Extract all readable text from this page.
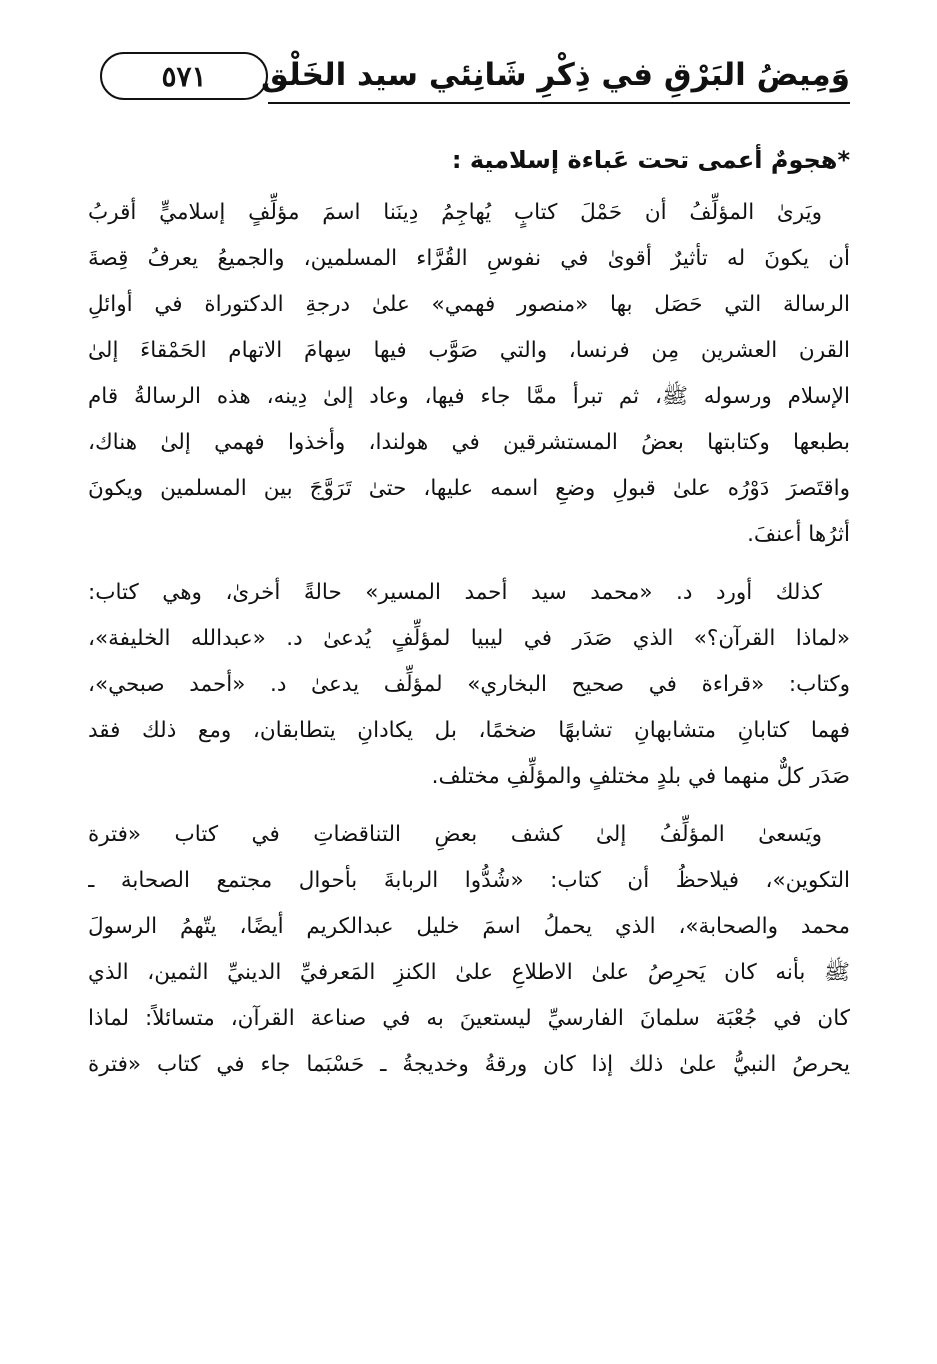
٥٧١	وَمِيضُ البَرْقِ في ذِكْرِ شَانِئي سيد الخَلْق
*هجومٌ أعمى تحت عَباءة إسلامية :
ويَرىٰ المؤلِّفُ أن حَمْلَ كتابٍ يُهاجِمُ دِينَنا اسمَ مؤلِّفٍ إسلاميٍّ أقربُ
أن يكونَ له تأثيرٌ أقوىٰ في نفوسِ القُرَّاء المسلمين، والجميعُ يعرفُ قِصةَ
الرسالة التي حَصَل بها «منصور فهمي» علىٰ درجةِ الدكتوراة في أوائلِ
القرن العشرين مِن فرنسا، والتي صَوَّب فيها سِهامَ الاتهام الحَمْقاءَ إلىٰ
الإسلام ورسوله ﷺ، ثم تبرأ ممَّا جاء فيها، وعاد إلىٰ دِينه، هذه الرسالةُ قام
بطبعها وكتابتها بعضُ المستشرقين في هولندا، وأخذوا فهمي إلىٰ هناك،
واقتَصرَ دَوْرُه علىٰ قبولِ وضعِ اسمه عليها، حتىٰ تَرَوَّجَ بين المسلمين ويكونَ
أثرُها أعنفَ.
كذلك أورد د. «محمد سيد أحمد المسير» حالةً أخرىٰ، وهي كتاب:
«لماذا القرآن؟» الذي صَدَر في ليبيا لمؤلِّفٍ يُدعىٰ د. «عبدالله الخليفة»،
وكتاب: «قراءة في صحيح البخاري» لمؤلِّف يدعىٰ د. «أحمد صبحي»،
فهما كتابانِ متشابهانِ تشابهًا ضخمًا، بل يكادانِ يتطابقان، ومع ذلك فقد
صَدَر كلٌّ منهما في بلدٍ مختلفٍ والمؤلِّفِ مختلف.
ويَسعىٰ المؤلِّفُ إلىٰ كشف بعضِ التناقضاتِ في كتاب «فترة
التكوين»، فيلاحظُ أن كتاب: «شُدُّوا الربابةَ بأحوال مجتمع الصحابة ـ
محمد والصحابة»، الذي يحملُ اسمَ خليل عبدالكريم أيضًا، يتّهمُ الرسولَ
ﷺ بأنه كان يَحرِصُ علىٰ الاطلاعِ علىٰ الكنزِ المَعرفيِّ الدينيِّ الثمين، الذي
كان في جُعْبَة سلمانَ الفارسيِّ ليستعينَ به في صناعة القرآن، متسائلاً: لماذا
يحرصُ النبيُّ علىٰ ذلك إذا كان ورقةُ وخديجةُ ـ حَسْبَما جاء في كتاب «فترة
